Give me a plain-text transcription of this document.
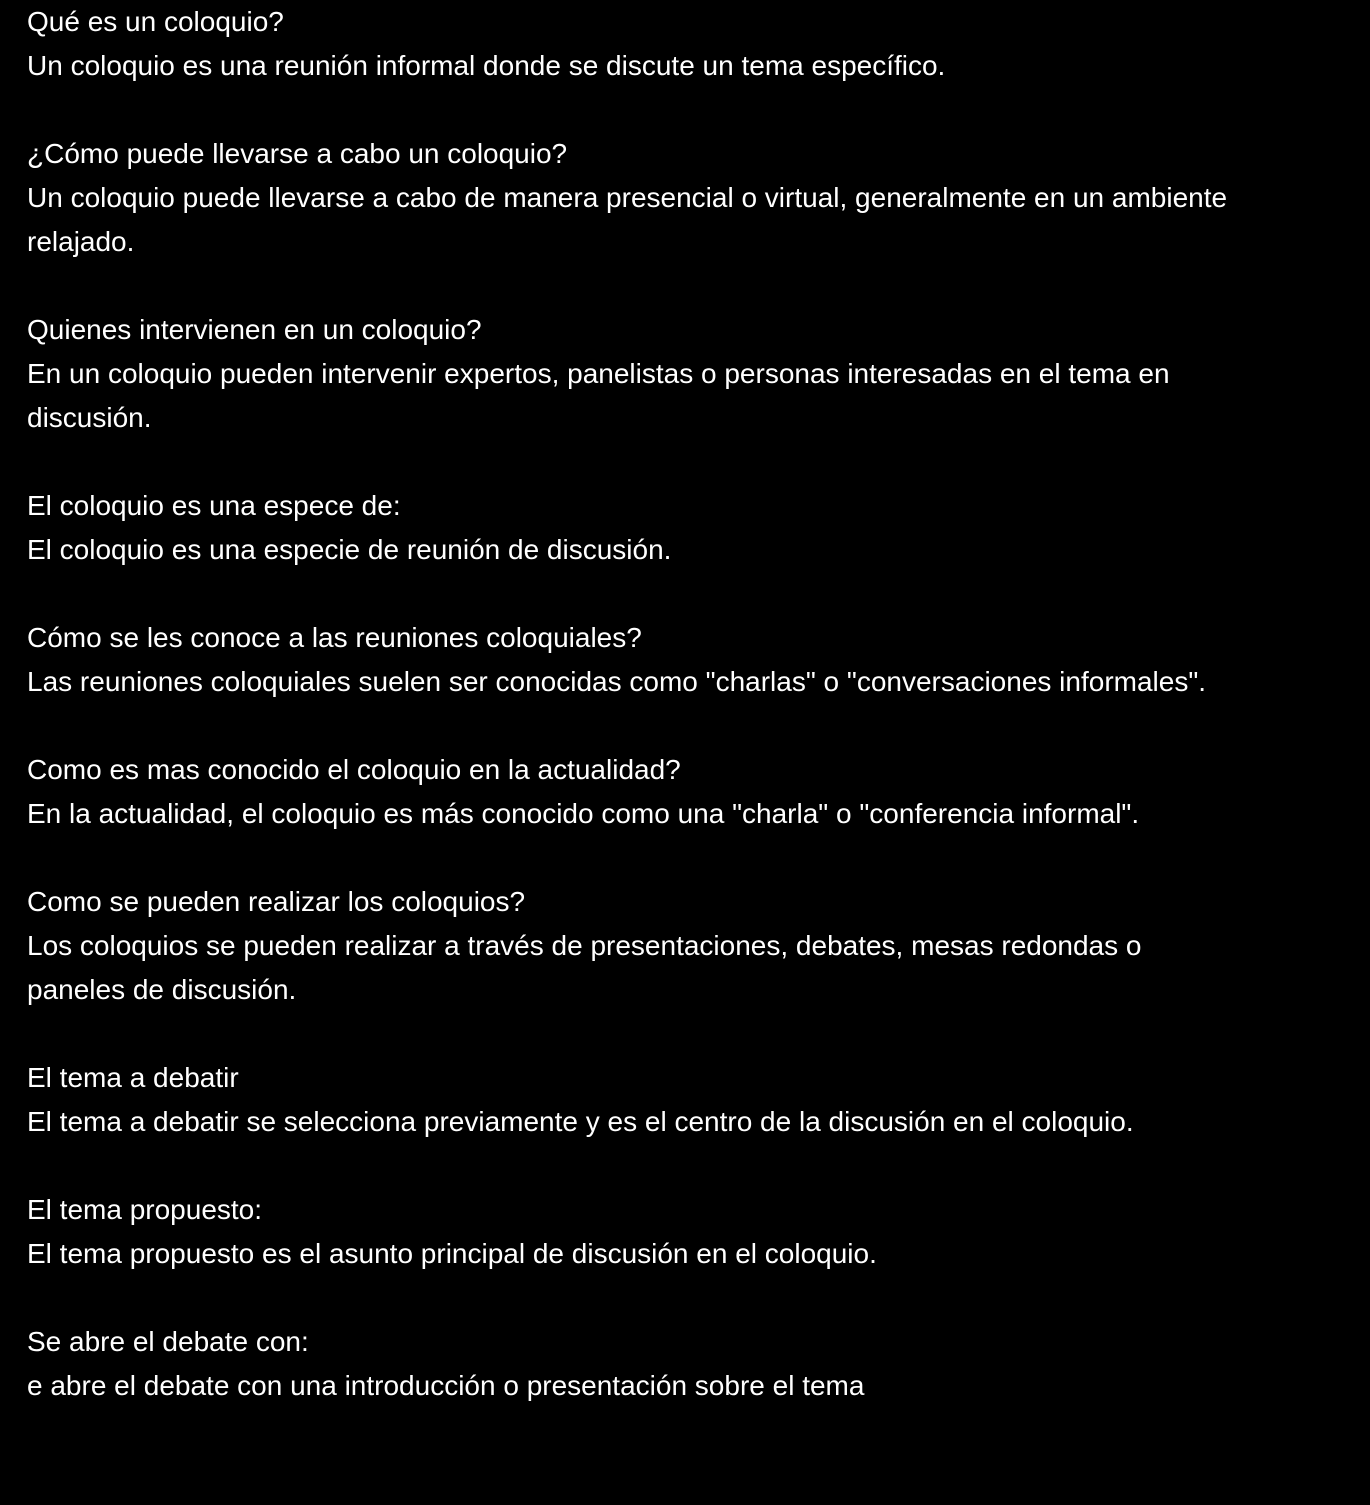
Qué es un coloquio?
Un coloquio es una reunión informal donde se discute un tema específico.
¿Cómo puede llevarse a cabo un coloquio?
Un coloquio puede llevarse a cabo de manera presencial o virtual, generalmente en un ambiente
relajado.
Quienes intervienen en un coloquio?
En un coloquio pueden intervenir expertos, panelistas o personas interesadas en el tema en
discusión.
El coloquio es una espece de:
El coloquio es una especie de reunión de discusión.
Cómo se les conoce a las reuniones coloquiales?
Las reuniones coloquiales suelen ser conocidas como "charlas" o "conversaciones informales".
Como es mas conocido el coloquio en la actualidad?
En la actualidad, el coloquio es más conocido como una "charla" o "conferencia informal".
Como se pueden realizar los coloquios?
Los coloquios se pueden realizar a través de presentaciones, debates, mesas redondas o
paneles de discusión.
El tema a debatir
El tema a debatir se selecciona previamente y es el centro de la discusión en el coloquio.
El tema propuesto:
El tema propuesto es el asunto principal de discusión en el coloquio.
Se abre el debate con:
e abre el debate con una introducción o presentación sobre el tema
